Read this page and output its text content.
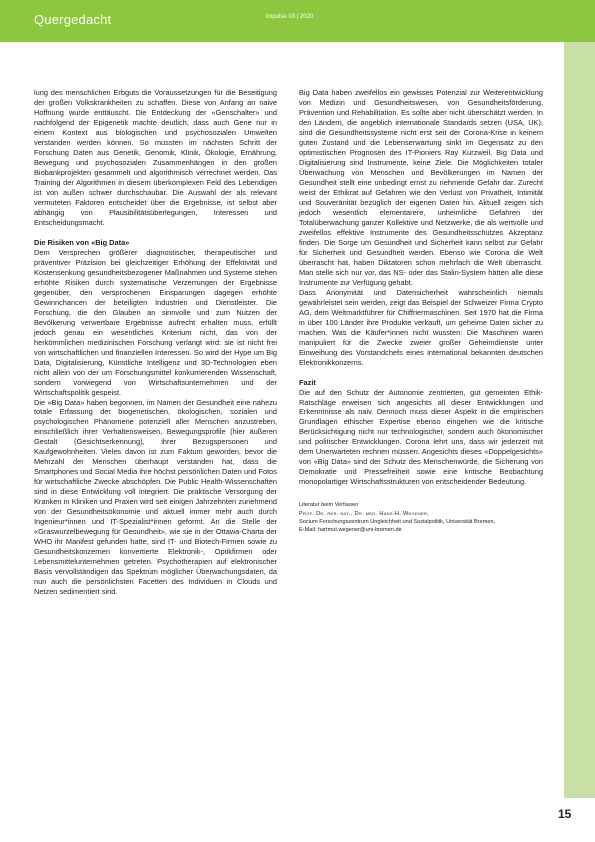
Quergedacht	impulse 03 | 2020

lung des menschlichen Erbguts die Voraussetzungen für die Beseitigung der großen Volkskrankheiten zu schaffen. Diese von Anfang an naive Hoffnung wurde enttäuscht. Die Entdeckung der «Genschalter» und nachfolgend der Epigenetik machte deutlich, dass auch Gene nur in einem Kontext aus biologischen und psychosozialen Umwelten verstanden werden können. So mussten im nächsten Schritt der Forschung Daten aus Genetik, Genomik, Klinik, Ökologie, Ernährung, Bewegung und psychosozialen Zusammenhängen in den großen Biobankprojekten gesammelt und algorithmisch verrechnet werden. Das Training der Algorithmen in diesem überkomplexen Feld des Lebendigen ist von außen schwer durchschaubar. Die Auswahl der als relevant vermuteten Faktoren entscheidet über die Ergebnisse, ist selbst aber abhängig von Plausibilitätsüberlegungen, Interessen und Entscheidungsmacht.

Die Risiken von «Big Data»

Dem Versprechen größerer diagnostischer, therapeutischer und präventiver Präzision bei gleichzeitiger Erhöhung der Effektivität und Kostensenkung gesundheitsbezogener Maßnahmen und Systeme stehen erhöhte Risiken durch systematische Verzerrungen der Ergebnisse gegenüber, den versprochenen Einsparungen dagegen erhöhte Gewinnchancen der beteiligten Industrien und Dienstleister. Die Forschung, die den Glauben an sinnvolle und zum Nutzen der Bevölkerung verwertbare Ergebnisse aufrecht erhalten muss, erfüllt jedoch genau ein wesentliches Kriterium nicht, das von der herkömmlichen medizinischen Forschung verlangt wird: sie ist nicht frei von wirtschaftlichen und finanziellen Interessen. So wird der Hype um Big Data, Digitalisierung, Künstliche Intelligenz und 3D-Technologien eben nicht allein von der um Forschungsmittel konkurrierenden Wissenschaft, sondern vorwiegend von Wirtschaftsunternehmen und der Wirtschaftspolitik gespeist.

Die «Big Data» haben begonnen, im Namen der Gesundheit eine nahezu totale Erfassung der biogenetischen, ökologischen, sozialen und psychologischen Phänomene potenziell aller Menschen anzustreben, einschließlich ihrer Verhaltensweisen, Bewegungsprofile (hier äußeren Gestalt (Gesichtserkennung), ihrer Bezugspersonen und Kaufgewohnheiten. Vieles davon ist zum Faktum geworden, bevor die Mehrzahl der Menschen überhaupt verstanden hat, dass die Smartphones und Social Media ihre höchst persönlichen Daten und Fotos für wirtschaftliche Zwecke abschöpfen. Die Public Health-Wissenschaften sind in diese Entwicklung voll integriert. Die praktische Versorgung der Kranken in Kliniken und Praxen wird seit einigen Jahrzehnten zunehmend von der Gesundheitsökonomie und aktuell immer mehr auch durch Ingenieur*innen und IT-Spezialist*innen geformt. An die Stelle der «Graswurzelbewegung für Gesundheit», wie sie in der Ottawa-Charta der WHO ihr Manifest gefunden hatte, sind IT- und Biotech-Firmen sowie zu Gesundheitskonzernen konvertierte Elektronik-, Optikfirmen oder Lebensmittelunternehmen getreten. Psychotherapien auf elektronischer Basis vervollständigen das Spektrum möglicher Überwachungsdaten, da nun auch die persönlichsten Facetten des Individuen in Clouds und Netzen sedimentiert sind.

Big Data haben zweifellos ein gewisses Potenzial zur Weiterentwicklung von Medizin und Gesundheitswesen, von Gesundheitsförderung, Prävention und Rehabilitation. Es sollte aber nicht überschätzt werden. In den Ländern, die angeblich internationale Standards setzen (USA, UK), sind die Gesundheitssysteme nicht erst seit der Corona-Krise in keinem guten Zustand und die Lebenserwartung sinkt im Gegensatz zu den optimistischen Prognosen des IT-Pioniers Ray Kurzweil. Big Data und Digitalisierung sind Instrumente, keine Ziele. Die Möglichkeiten totaler Überwachung von Menschen und Bevölkerungen im Namen der Gesundheit stellt eine unbedingt ernst zu nehmende Gefahr dar. Zurecht weist der Ethikrat auf Gefahren wie den Verlust von Privatheit, Intimität und Souveränität bezüglich der eigenen Daten hin. Aktuell zeigen sich jedoch wesentlich elementarere, unheimliche Gefahren der Totalüberwachung ganzer Kollektive und Netzwerke, die als wertvolle und zweifellos effektive Instrumente des Gesundheitsschutzes Akzeptanz finden. Die Sorge um Gesundheit und Sicherheit kann selbst zur Gefahr für Sicherheit und Gesundheit werden. Ebenso wie Corona die Welt überrascht hat, haben Diktatoren schon mehrfach die Welt überrascht. Man stelle sich nur vor, das NS- oder das Stalin-System hätten alle diese Instrumente zur Verfügung gehabt.

Dass Anonymität und Datensicherheit wahrscheinlich niemals gewährleistet sein werden, zeigt das Beispiel der Schweizer Firma Crypto AG, dem Weltmarktführer für Chiffriermaschinen. Seit 1970 hat die Firma in über 100 Länder ihre Produkte verkauft, um geheime Daten sicher zu machen. Was die Käufer*innen nicht wussten: Die Maschinen waren manipuliert für die Zwecke zweier großer Geheimdienste unter Einweihung des Vorstandchefs eines international bekannten deutschen Elektronikkonzerns.

Fazit

Die auf den Schutz der Autonomie zentrierten, gut gemeinten Ethik-Ratschläge erweisen sich angesichts all dieser Entwicklungen und Erkenntnisse als naiv. Dennoch muss dieser Aspekt in die empirischen Grundlagen ethischer Expertise ebenso eingehen wie die kritische Berücksichtigung nicht nur technologischer, sondern auch ökonomischer und politischer Entwicklungen. Corona lehrt uns, dass wir jederzeit mit dem Unerwarteten rechnen müssen. Angesichts dieses «Doppelgesichts» von «Big Data» sind der Schutz des Menschenwürde, die Sicherung von Demokratie und Pressefreiheit sowie eine kritische Beobachtung monopolartiger Wirtschaftsstrukturen von entscheidender Bedeutung.

Literatur beim Verfasser
Prof. Dr. rer. nat., Dr. med. Hans-H. Wegener,
Socium Forschungszentrum Ungleichheit und Sozialpolitik, Universität Bremen,
E-Mail: hartmut.wegener@uni-bremen.de
15
